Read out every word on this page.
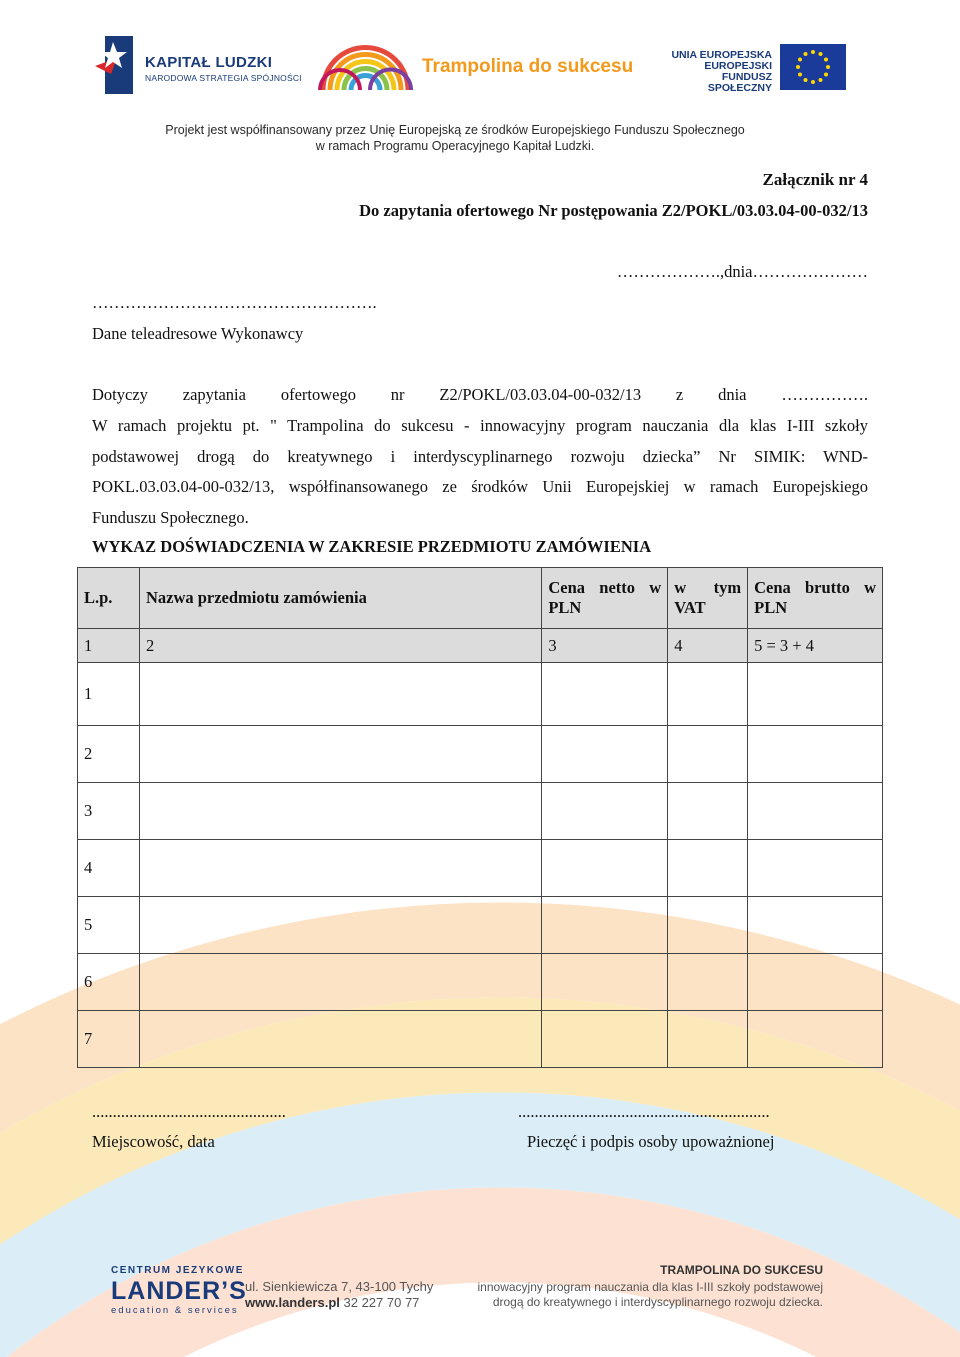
KAPITAŁ LUDZKI
NARODOWA STRATEGIA SPÓJNOŚCI
Trampolina do sukcesu
UNIA EUROPEJSKA
EUROPEJSKI
FUNDUSZ SPOŁECZNY
Projekt jest współfinansowany przez Unię Europejską ze środków Europejskiego Funduszu Społecznego
w ramach Programu Operacyjnego Kapitał Ludzki.
Załącznik nr 4
Do zapytania ofertowego Nr postępowania Z2/POKL/03.03.04-00-032/13
……………….,dnia…………………
…………………………………………….
Dane teleadresowe Wykonawcy
Dotyczy zapytania ofertowego nr Z2/POKL/03.03.04-00-032/13 z dnia …………….
W ramach projektu pt. " Trampolina do sukcesu - innowacyjny program nauczania dla klas I-III szkoły
podstawowej drogą do kreatywnego i interdyscyplinarnego rozwoju dziecka” Nr SIMIK: WND-
POKL.03.03.04-00-032/13, współfinansowanego ze środków Unii Europejskiej w ramach Europejskiego
Funduszu Społecznego.
WYKAZ DOŚWIADCZENIA W ZAKRESIE PRZEDMIOTU ZAMÓWIENIA
L.p.	Nazwa przedmiotu zamówienia	Cena netto w PLN	w tym VAT	Cena brutto w PLN

1	2	3	4	5 = 3 + 4
1				
2				
3				
4				
5				
6				
7				
...............................................
Miejscowość, data
.............................................................
Pieczęć i podpis osoby upoważnionej
CENTRUM JEZYKOWE
LANDER’S
education & services
ul. Sienkiewicza 7, 43-100 Tychy
www.landers.pl 32 227 70 77
TRAMPOLINA DO SUKCESU
innowacyjny program nauczania dla klas I-III szkoły podstawowej
drogą do kreatywnego i interdyscyplinarnego rozwoju dziecka.
